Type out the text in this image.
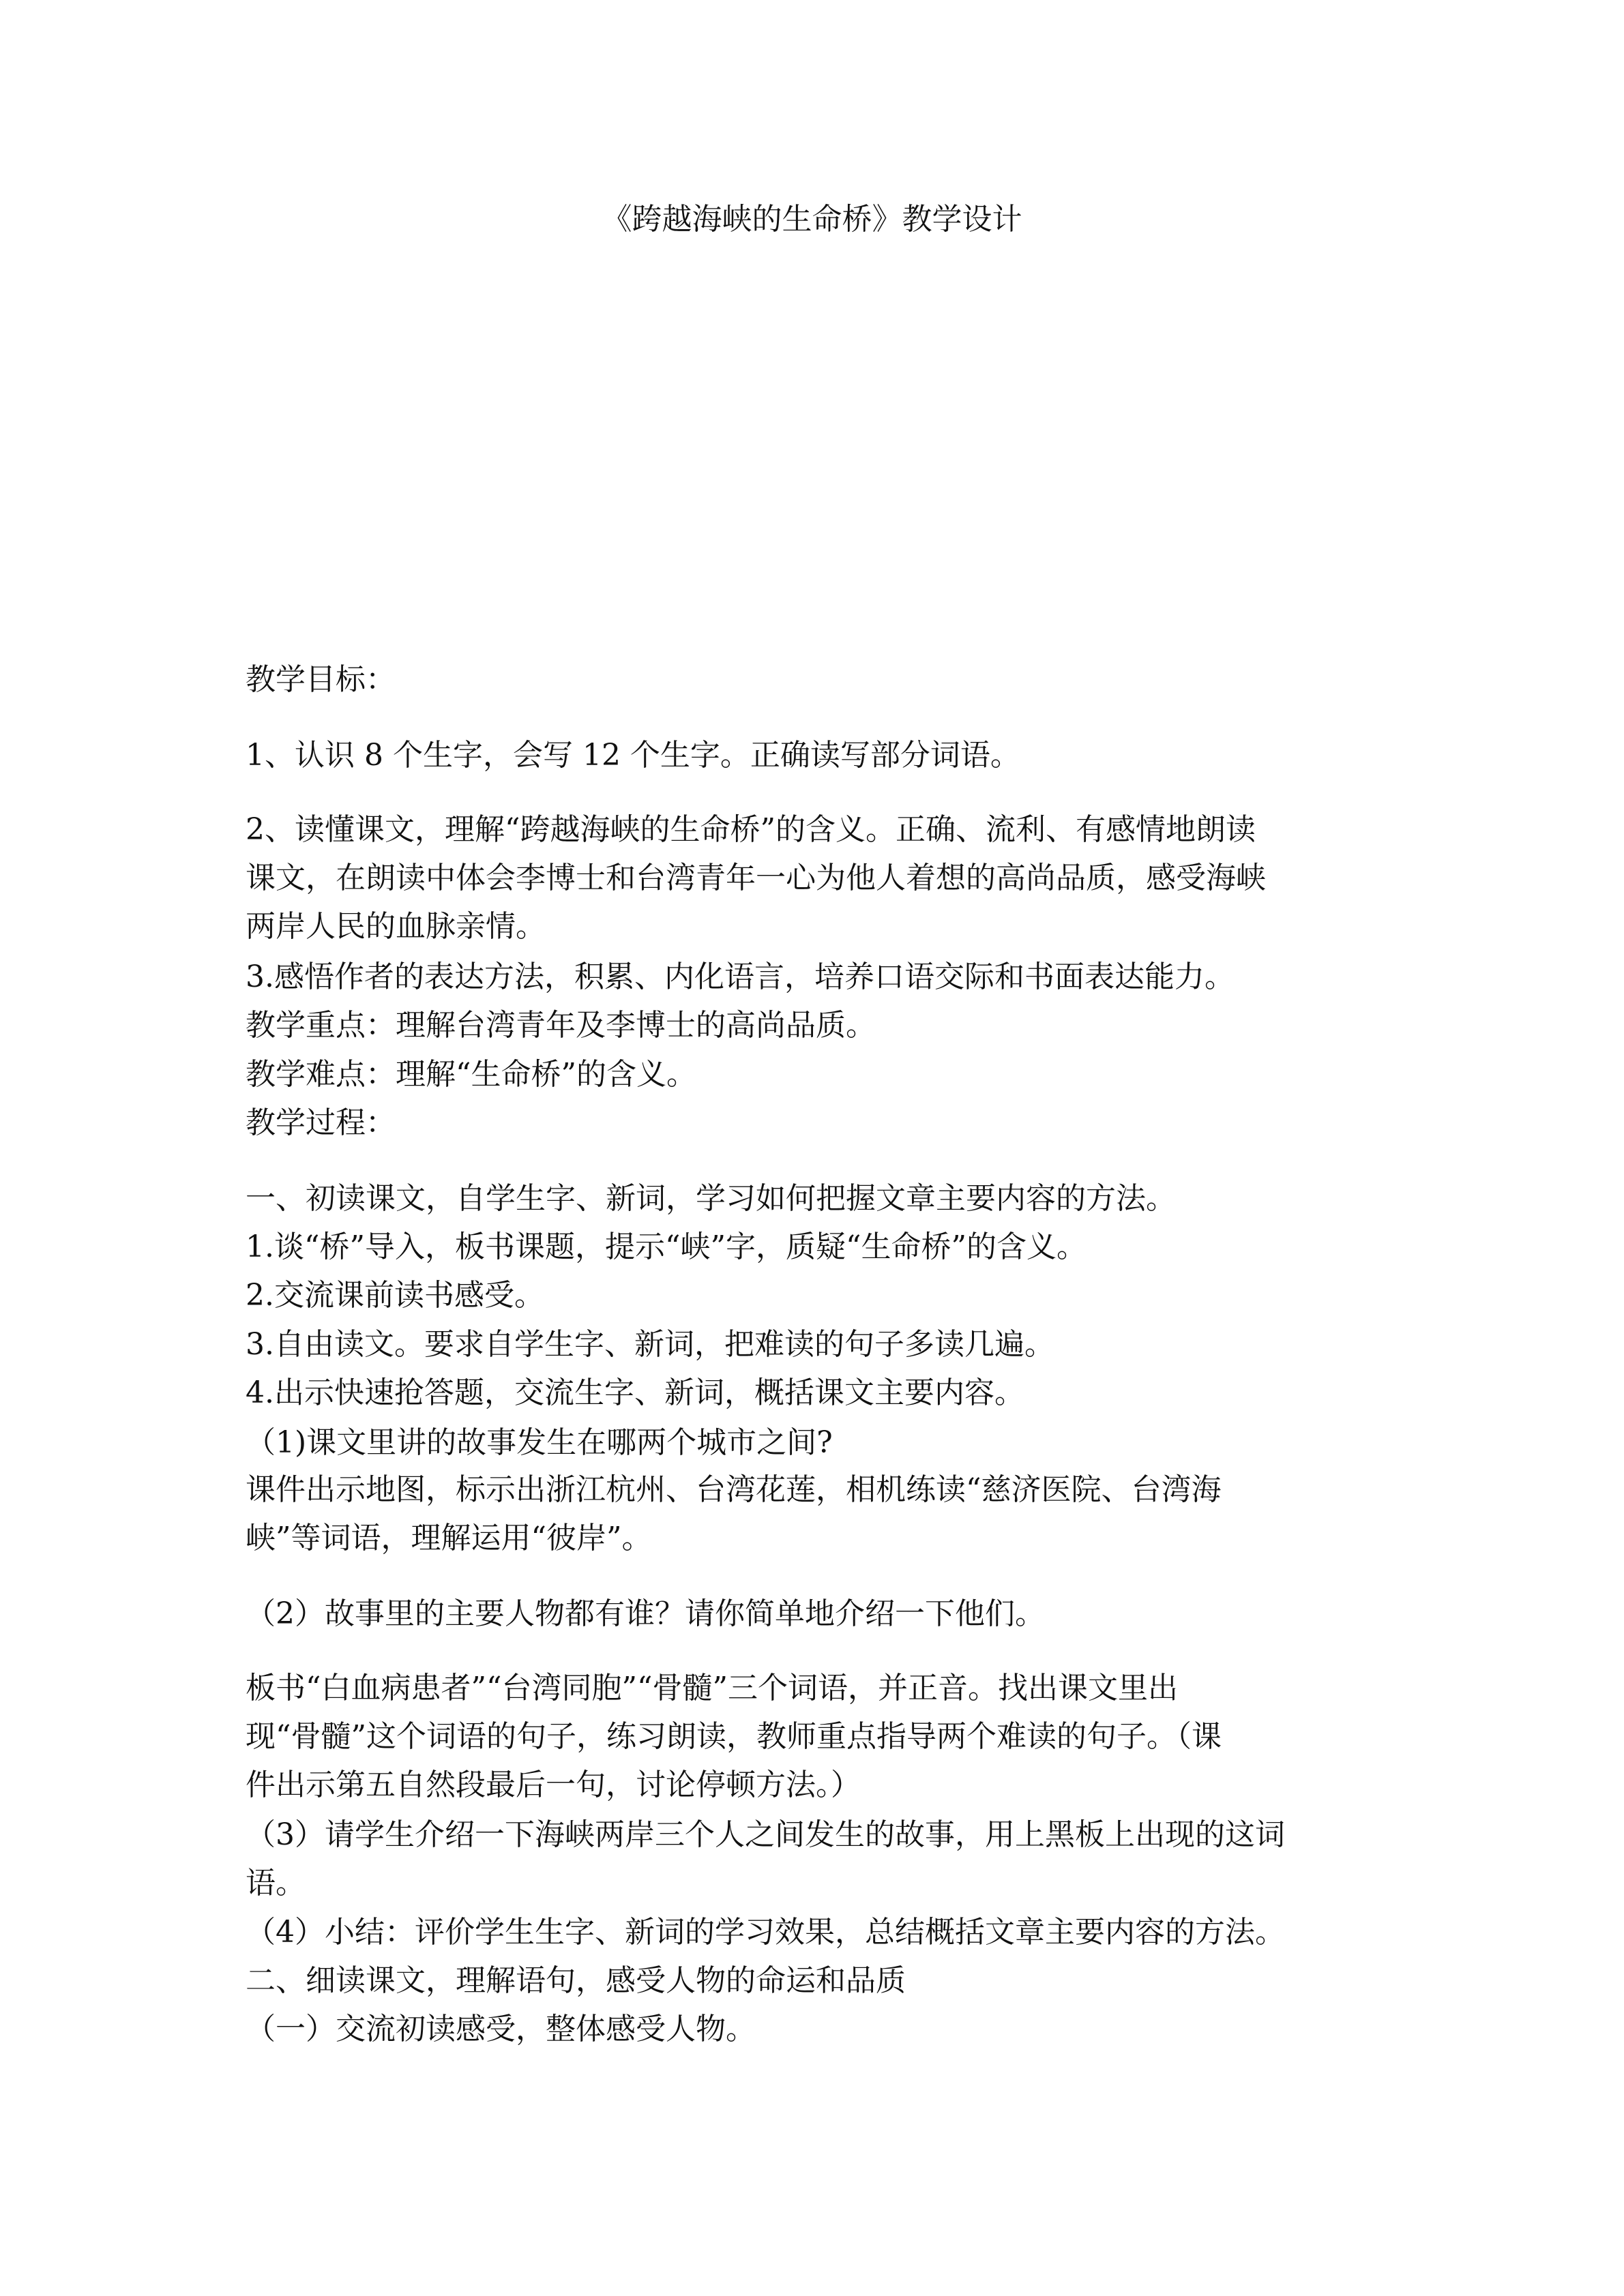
《跨越海峡的生命桥》教学设计
教学目标：
1、认识 8 个生字，会写 12 个生字。正确读写部分词语。
2、读懂课文，理解“跨越海峡的生命桥”的含义。正确、流利、有感情地朗读
课文，在朗读中体会李博士和台湾青年一心为他人着想的高尚品质，感受海峡
两岸人民的血脉亲情。
3.感悟作者的表达方法，积累、内化语言，培养口语交际和书面表达能力。
教学重点：理解台湾青年及李博士的高尚品质。
教学难点：理解“生命桥”的含义。
教学过程：
一、初读课文，自学生字、新词，学习如何把握文章主要内容的方法。
1.谈“桥”导入，板书课题，提示“峡”字，质疑“生命桥”的含义。
2.交流课前读书感受。
3.自由读文。要求自学生字、新词，把难读的句子多读几遍。
4.出示快速抢答题，交流生字、新词，概括课文主要内容。
（1)课文里讲的故事发生在哪两个城市之间?
课件出示地图，标示出浙江杭州、台湾花莲，相机练读“慈济医院、台湾海
峡”等词语，理解运用“彼岸”。
（2）故事里的主要人物都有谁？请你简单地介绍一下他们。
板书“白血病患者”“台湾同胞”“骨髓”三个词语，并正音。找出课文里出
现“骨髓”这个词语的句子，练习朗读，教师重点指导两个难读的句子。（课
件出示第五自然段最后一句，讨论停顿方法。）
（3）请学生介绍一下海峡两岸三个人之间发生的故事，用上黑板上出现的这词
语。
（4）小结：评价学生生字、新词的学习效果，总结概括文章主要内容的方法。
二、细读课文，理解语句，感受人物的命运和品质
（一）交流初读感受，整体感受人物。
